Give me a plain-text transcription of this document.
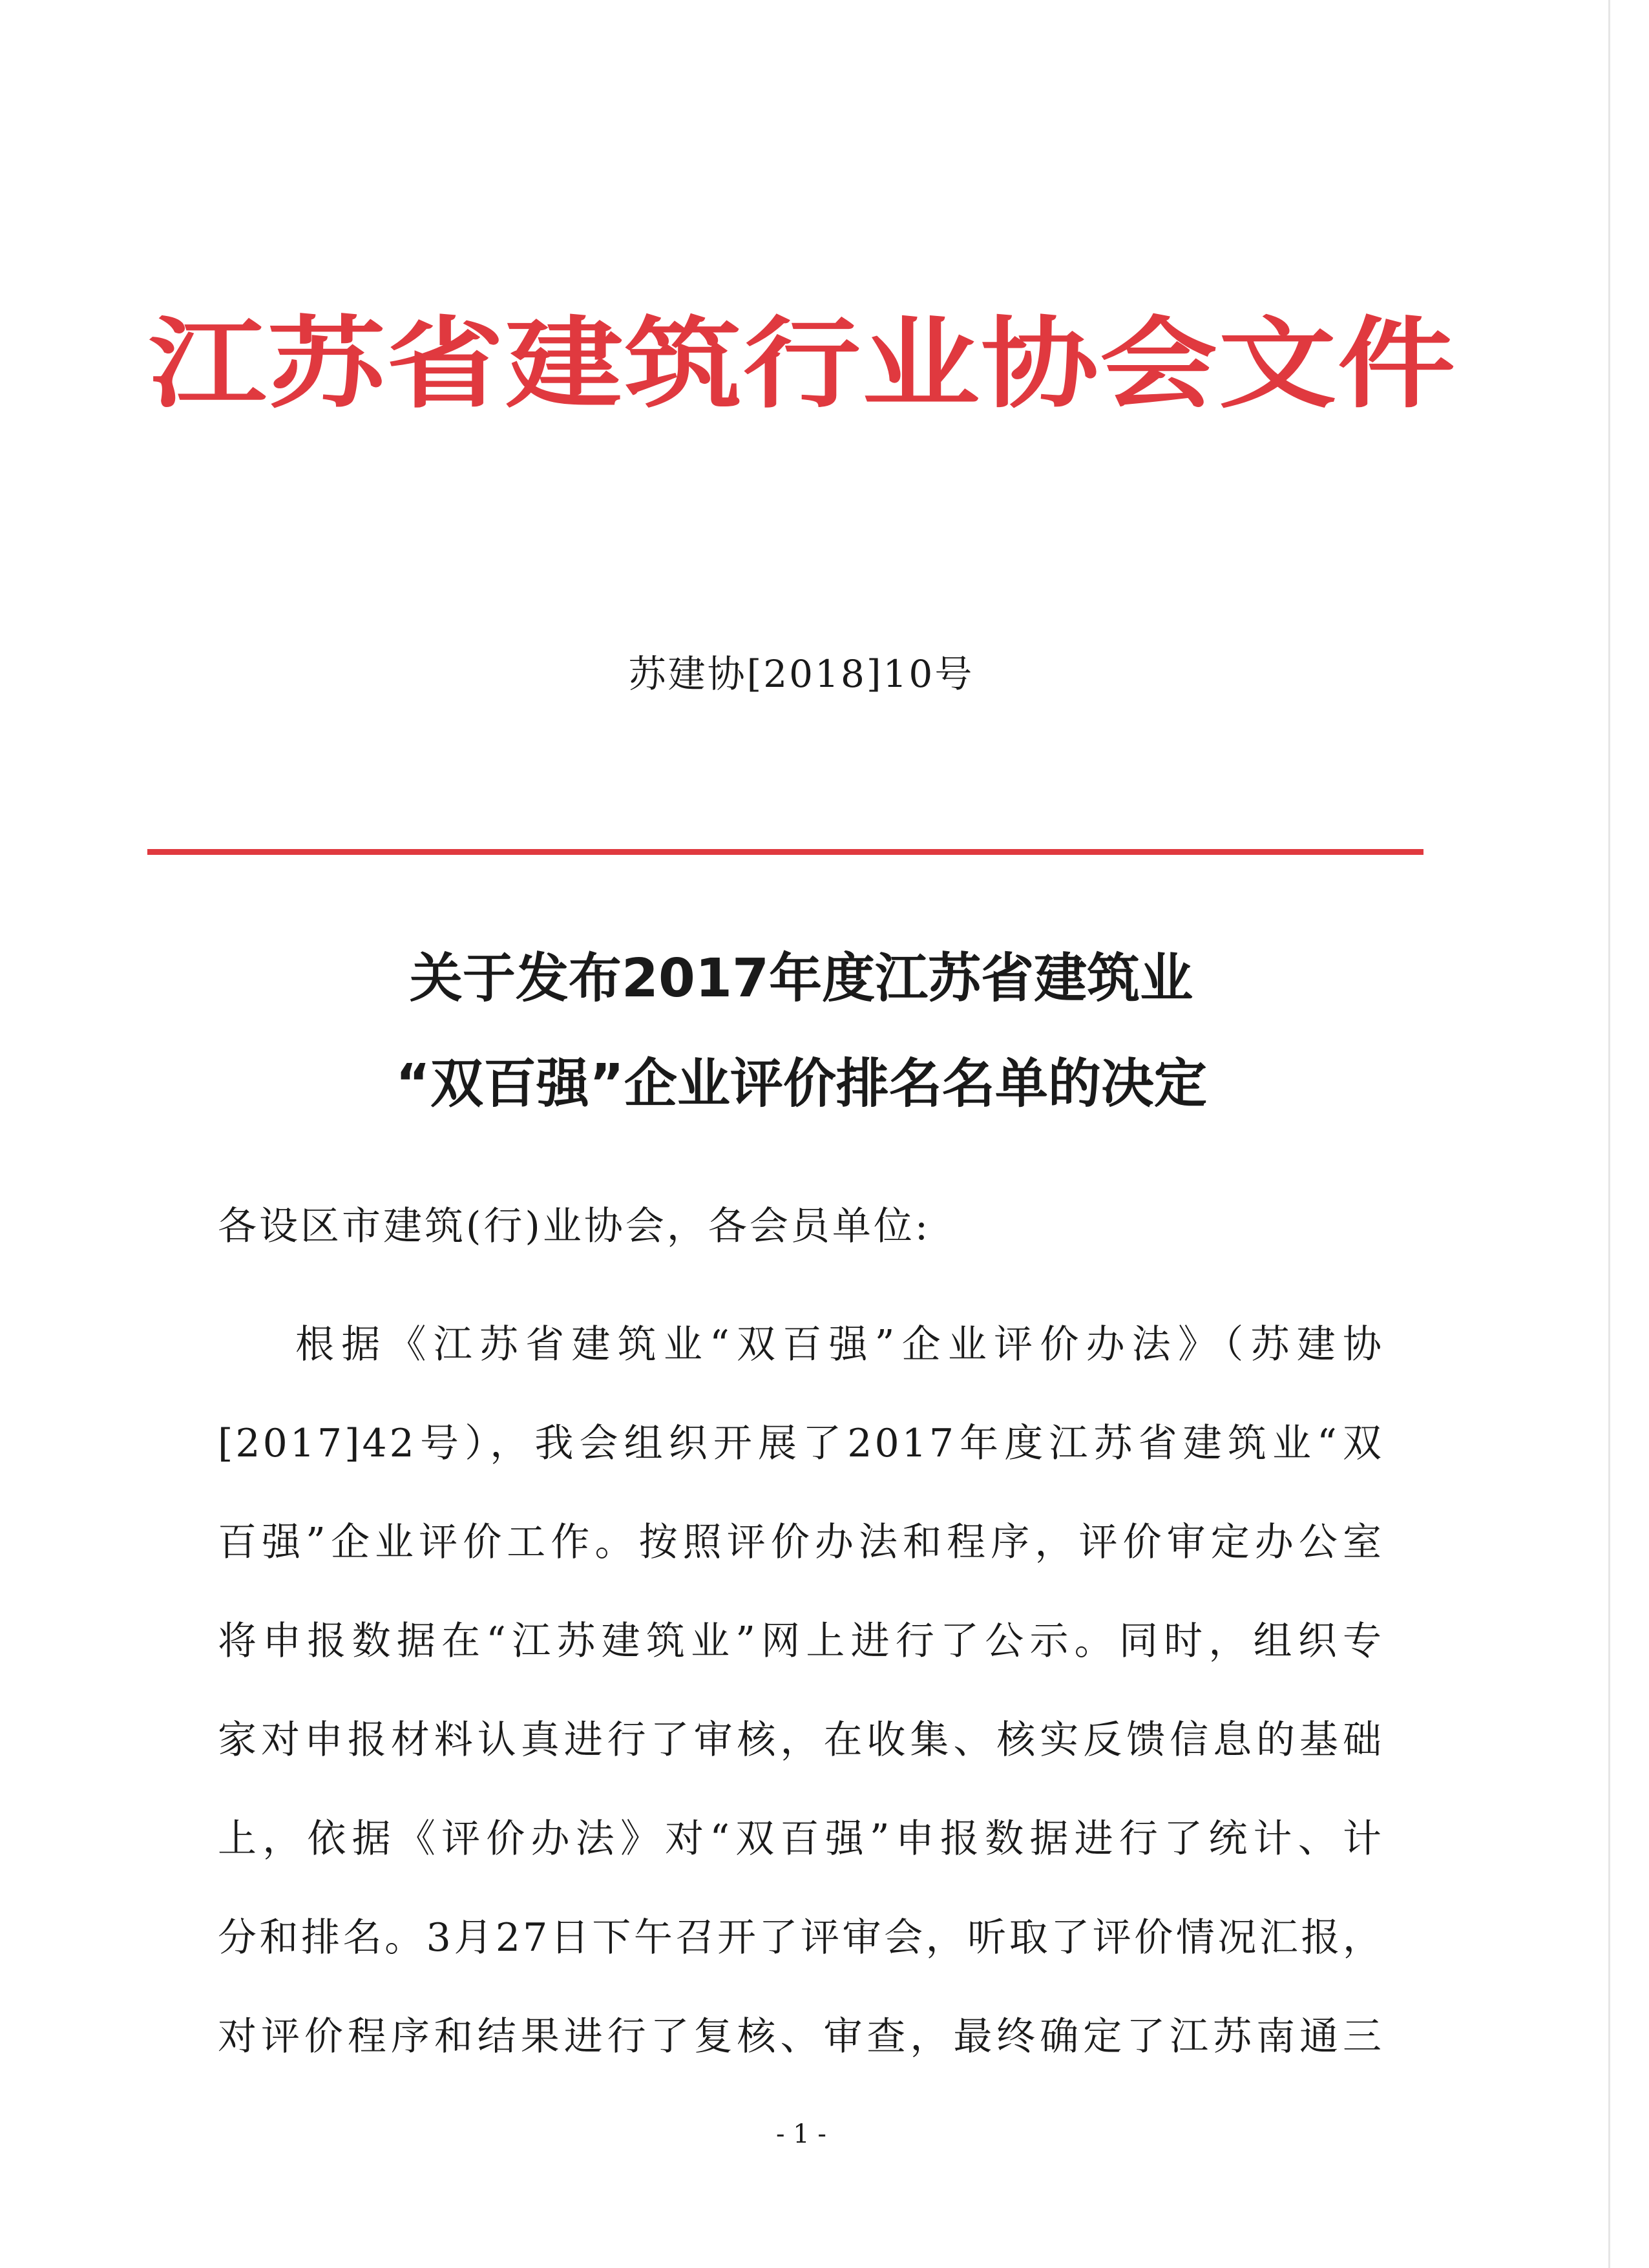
江苏省建筑行业协会文件
苏建协[2018]10号
关于发布2017年度江苏省建筑业
“双百强”企业评价排名名单的决定
各设区市建筑(行)业协会，各会员单位:
根据《江苏省建筑业“双百强”企业评价办法》（苏建协
[2017]42号），我会组织开展了2017年度江苏省建筑业“双
百强”企业评价工作。按照评价办法和程序，评价审定办公室
将申报数据在“江苏建筑业”网上进行了公示。同时，组织专
家对申报材料认真进行了审核，在收集、核实反馈信息的基础
上，依据《评价办法》对“双百强”申报数据进行了统计、计
分和排名。3月27日下午召开了评审会，听取了评价情况汇报，
对评价程序和结果进行了复核、审查，最终确定了江苏南通三
- 1 -
